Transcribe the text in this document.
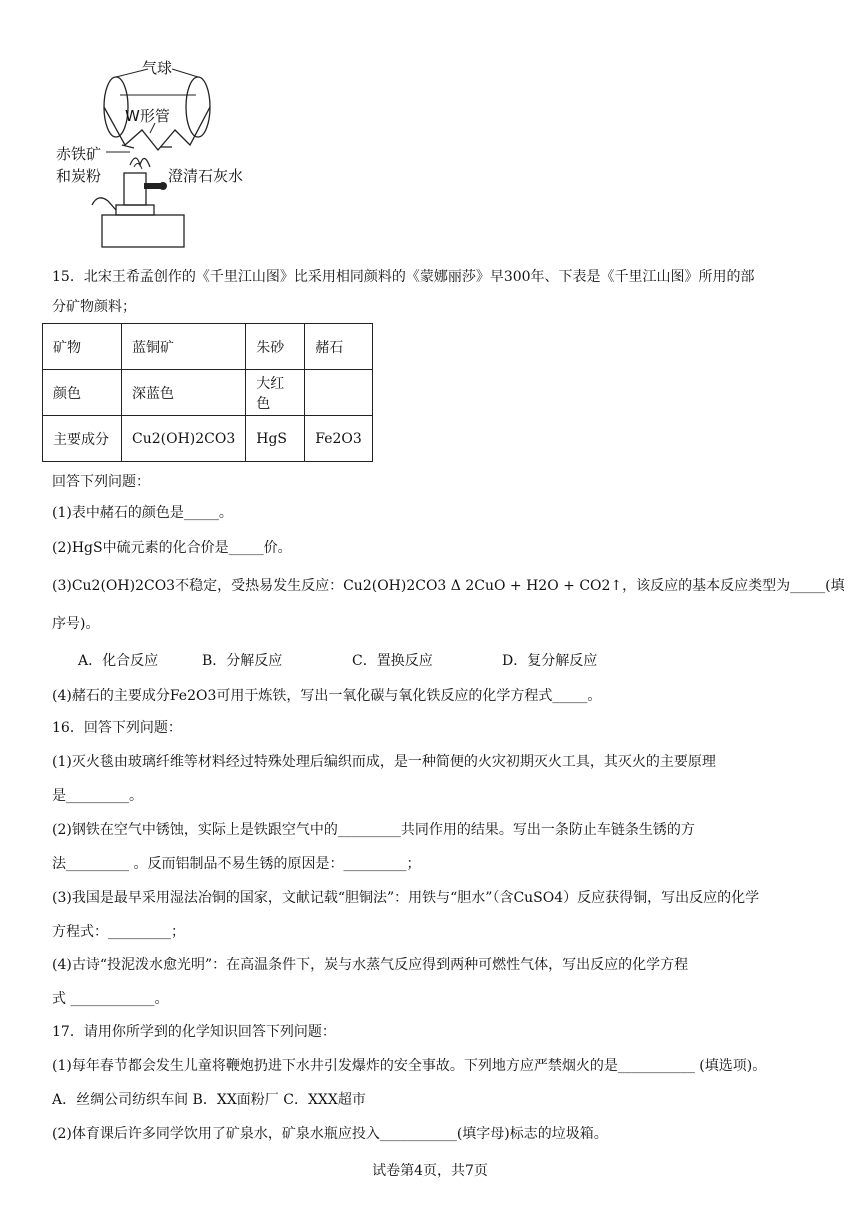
气球
W形管
赤铁矿
和炭粉	澄清石灰水
15．北宋王希孟创作的《千里江山图》比采用相同颜料的《蒙娜丽莎》早300年、下表是《千里江山图》所用的部
分矿物颜料；
矿物	蓝铜矿	朱砂	赭石
颜色	深蓝色	大红色	
主要成分	Cu2(OH)2CO3	HgS	Fe2O3
回答下列问题：
(1)表中赭石的颜色是_____。
(2)HgS中硫元素的化合价是_____价。
(3)Cu2(OH)2CO3不稳定，受热易发生反应：Cu2(OH)2CO3 Δ 2CuO + H2O + CO2↑，该反应的基本反应类型为_____(填
序号)。
A．化合反应	B．分解反应	C．置换反应	D．复分解反应
(4)赭石的主要成分Fe2O3可用于炼铁，写出一氧化碳与氧化铁反应的化学方程式_____。
16．回答下列问题：
(1)灭火毯由玻璃纤维等材料经过特殊处理后编织而成，是一种简便的火灾初期灭火工具，其灭火的主要原理
是_________。
(2)钢铁在空气中锈蚀，实际上是铁跟空气中的_________共同作用的结果。写出一条防止车链条生锈的方
法_________ 。反而铝制品不易生锈的原因是：_________；
(3)我国是最早采用湿法冶铜的国家，文献记载“胆铜法”：用铁与“胆水”（含CuSO4）反应获得铜，写出反应的化学
方程式：_________；
(4)古诗“投泥泼水愈光明”：在高温条件下，炭与水蒸气反应得到两种可燃性气体，写出反应的化学方程
式 ____________。
17．请用你所学到的化学知识回答下列问题：
(1)每年春节都会发生儿童将鞭炮扔进下水井引发爆炸的安全事故。下列地方应严禁烟火的是___________ (填选项)。
A．丝绸公司纺织车间 B．XX面粉厂 C．XXX超市
(2)体育课后许多同学饮用了矿泉水，矿泉水瓶应投入___________(填字母)标志的垃圾箱。
试卷第4页，共7页
